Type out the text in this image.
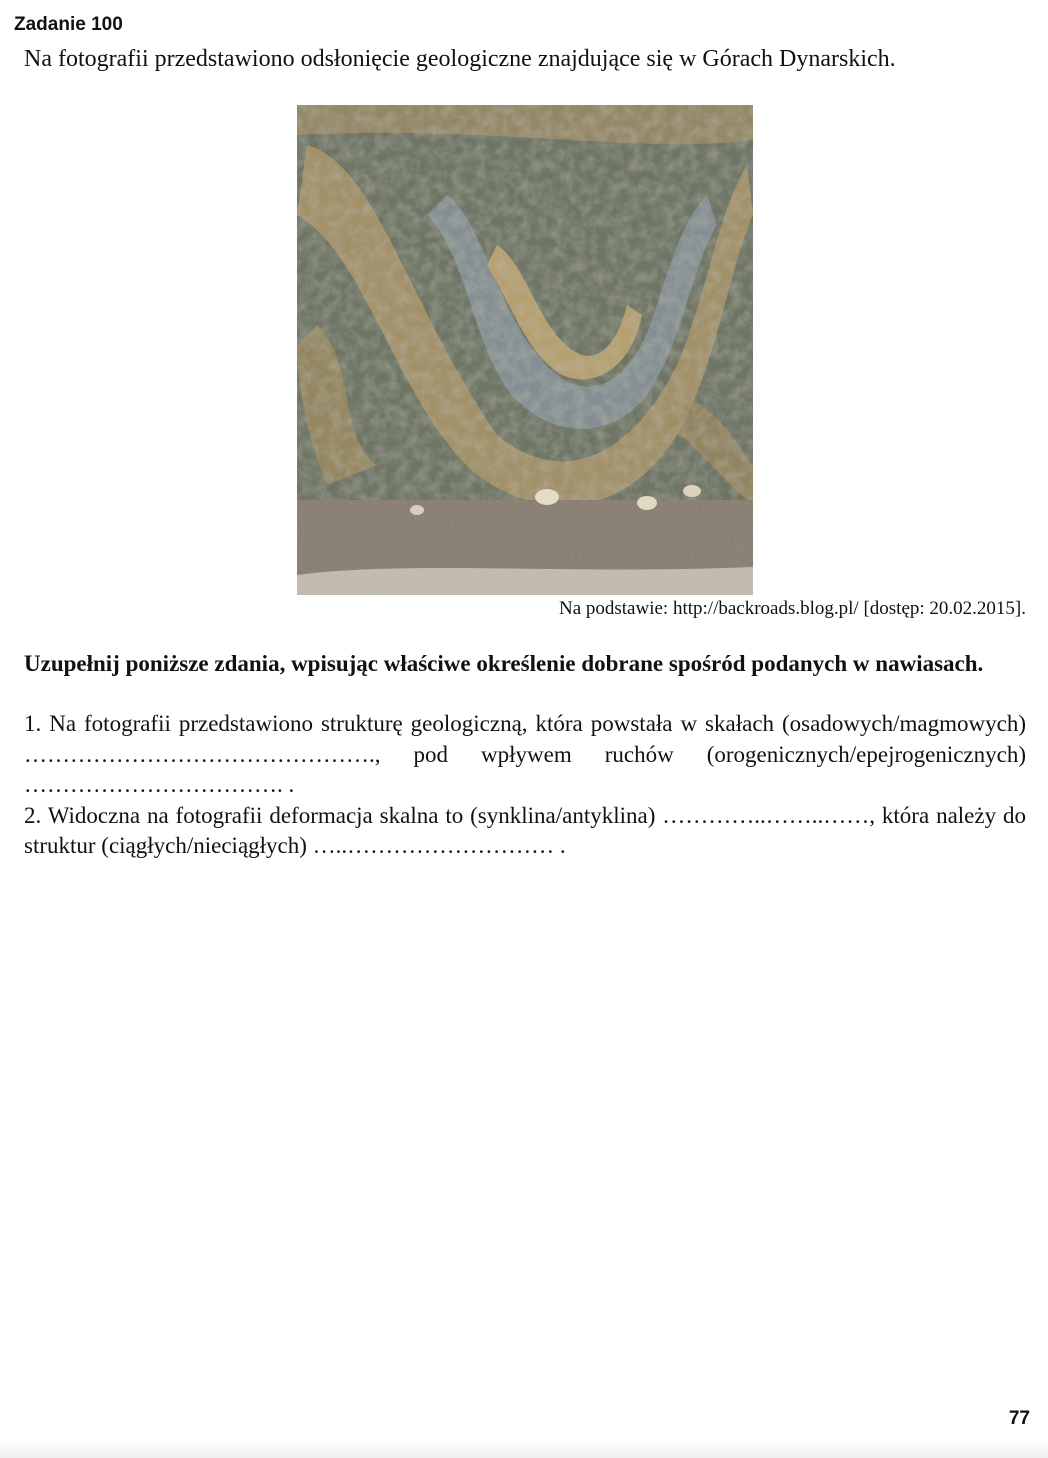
Zadanie 100
Na fotografii przedstawiono odsłonięcie geologiczne znajdujące się w Górach Dynarskich.
Na podstawie: http://backroads.blog.pl/ [dostęp: 20.02.2015].
Uzupełnij poniższe zdania, wpisując właściwe określenie dobrane spośród podanych w nawiasach.

1. Na fotografii przedstawiono strukturę geologiczną, która powstała w skałach (osadowych/magmowych) ………………………………………., pod wpływem ruchów (orogenicznych/epejrogenicznych) ……………………………. .

2. Widoczna na fotografii deformacja skalna to (synklina/antyklina) …………..……..……, która należy do struktur (ciągłych/nieciągłych) …..……………………… .

77
